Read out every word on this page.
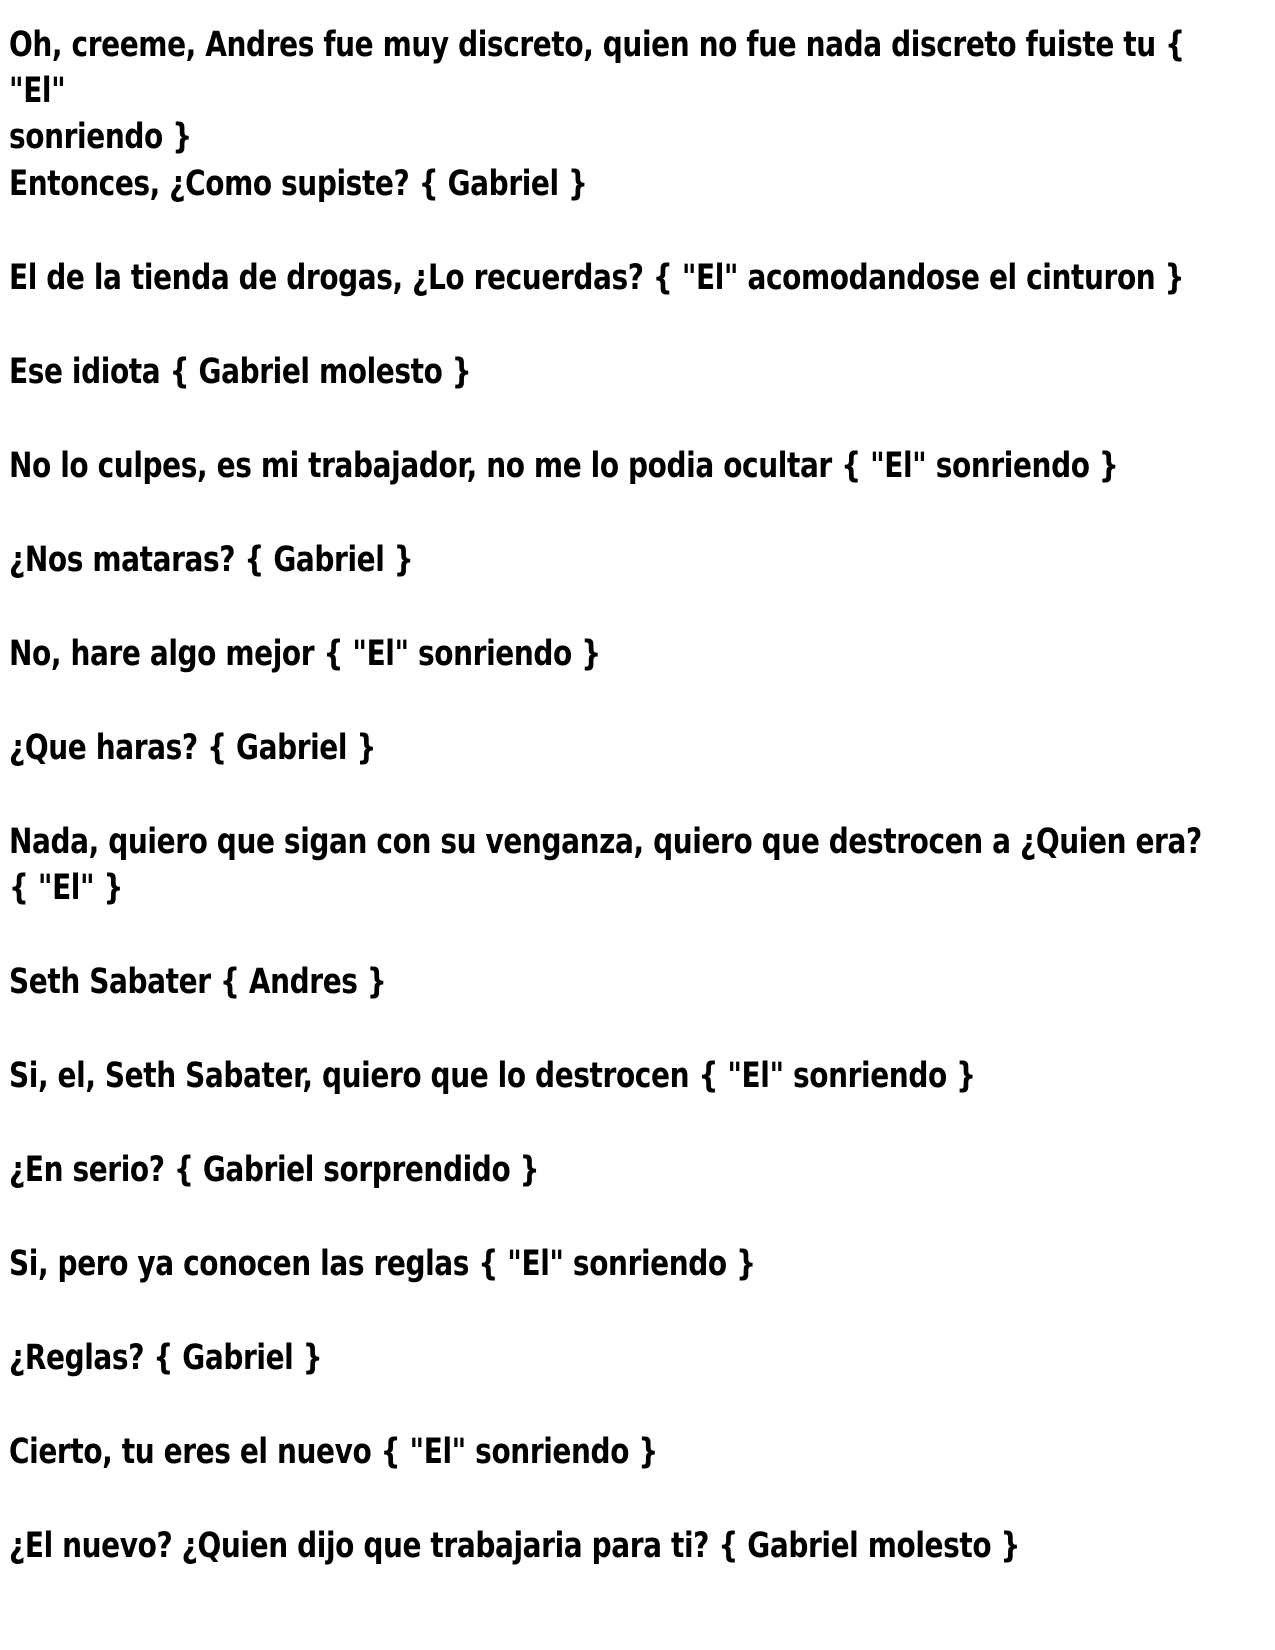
Oh, creeme, Andres fue muy discreto, quien no fue nada discreto fuiste tu { "El"
sonriendo }

Entonces, ¿Como supiste? { Gabriel }

El de la tienda de drogas, ¿Lo recuerdas? { "El" acomodandose el cinturon }

Ese idiota { Gabriel molesto }

No lo culpes, es mi trabajador, no me lo podia ocultar { "El" sonriendo }

¿Nos mataras? { Gabriel }

No, hare algo mejor { "El" sonriendo }

¿Que haras? { Gabriel }

Nada, quiero que sigan con su venganza, quiero que destrocen a ¿Quien era?
{ "El" }

Seth Sabater { Andres }

Si, el, Seth Sabater, quiero que lo destrocen { "El" sonriendo }

¿En serio? { Gabriel sorprendido }

Si, pero ya conocen las reglas { "El" sonriendo }

¿Reglas? { Gabriel }

Cierto, tu eres el nuevo { "El" sonriendo }

¿El nuevo? ¿Quien dijo que trabajaria para ti? { Gabriel molesto }
